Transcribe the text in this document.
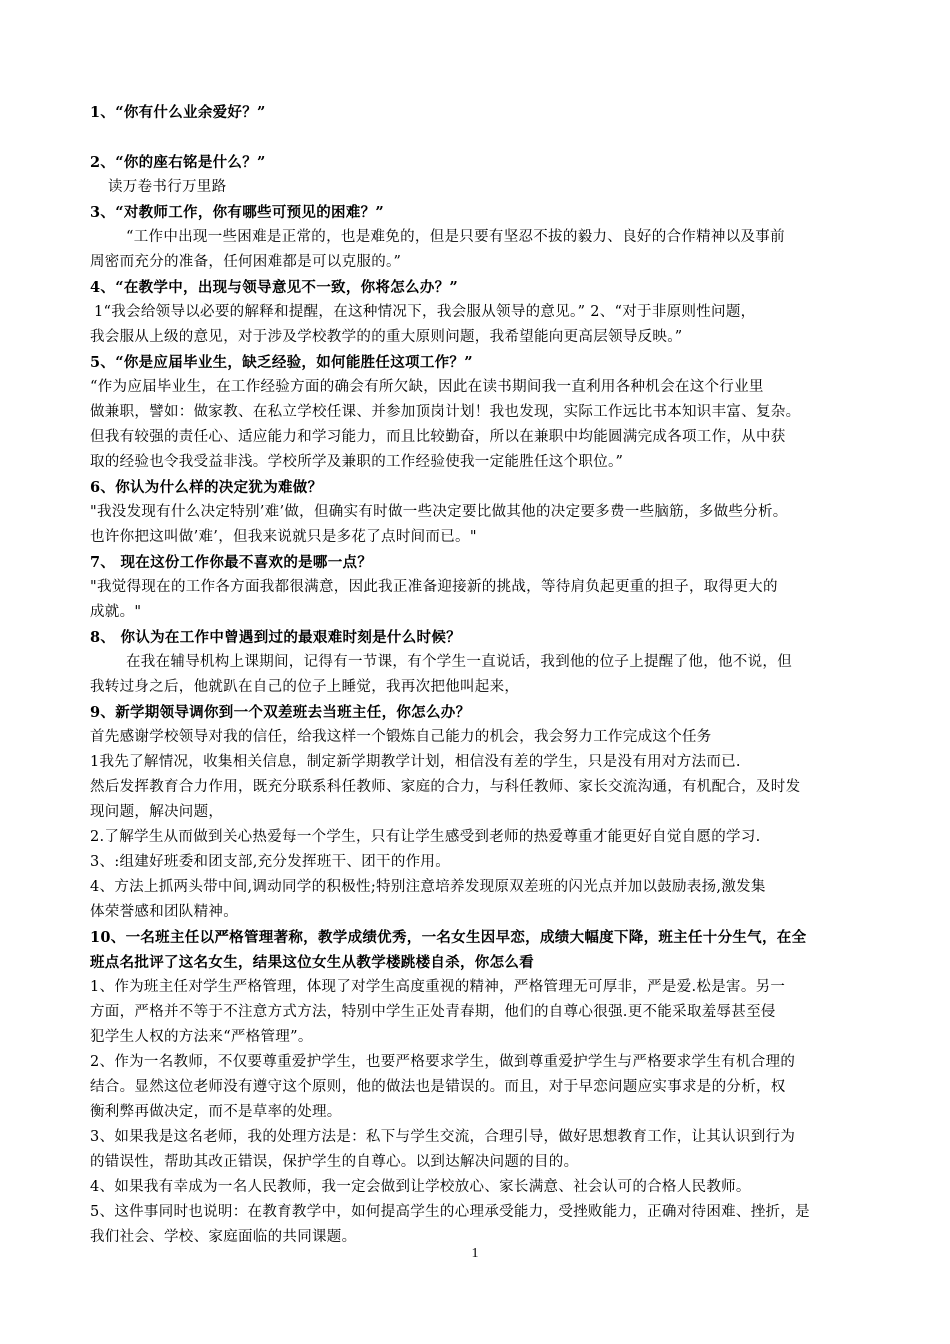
1、“你有什么业余爱好？”
2、“你的座右铭是什么？”
读万卷书行万里路
3、“对教师工作，你有哪些可预见的困难？”
“工作中出现一些困难是正常的，也是难免的，但是只要有坚忍不拔的毅力、良好的合作精神以及事前
周密而充分的准备，任何困难都是可以克服的。”
4、“在教学中，出现与领导意见不一致，你将怎么办？”
1“我会给领导以必要的解释和提醒，在这种情况下，我会服从领导的意见。” 2、“对于非原则性问题，
我会服从上级的意见，对于涉及学校教学的的重大原则问题，我希望能向更高层领导反映。”
5、“你是应届毕业生，缺乏经验，如何能胜任这项工作？”
“作为应届毕业生，在工作经验方面的确会有所欠缺，因此在读书期间我一直利用各种机会在这个行业里
做兼职，譬如：做家教、在私立学校任课、并参加顶岗计划！我也发现，实际工作远比书本知识丰富、复杂。
但我有较强的责任心、适应能力和学习能力，而且比较勤奋，所以在兼职中均能圆满完成各项工作，从中获
取的经验也令我受益非浅。学校所学及兼职的工作经验使我一定能胜任这个职位。”
6、你认为什么样的决定犹为难做？
"我没发现有什么决定特别’难’做，但确实有时做一些决定要比做其他的决定要多费一些脑筋，多做些分析。
也许你把这叫做’难’，但我来说就只是多花了点时间而已。"
7、 现在这份工作你最不喜欢的是哪一点？
"我觉得现在的工作各方面我都很满意，因此我正准备迎接新的挑战，等待肩负起更重的担子，取得更大的
成就。"
8、 你认为在工作中曾遇到过的最艰难时刻是什么时候？
在我在辅导机构上课期间，记得有一节课，有个学生一直说话，我到他的位子上提醒了他，他不说，但
我转过身之后，他就趴在自己的位子上睡觉，我再次把他叫起来，
9、新学期领导调你到一个双差班去当班主任，你怎么办？
首先感谢学校领导对我的信任，给我这样一个锻炼自己能力的机会，我会努力工作完成这个任务
1我先了解情况，收集相关信息，制定新学期教学计划，相信没有差的学生，只是没有用对方法而已.
然后发挥教育合力作用，既充分联系科任教师、家庭的合力，与科任教师、家长交流沟通，有机配合，及时发
现问题，解决问题，
2.了解学生从而做到关心热爱每一个学生，只有让学生感受到老师的热爱尊重才能更好自觉自愿的学习.
3、:组建好班委和团支部,充分发挥班干、团干的作用。
4、方法上抓两头带中间,调动同学的积极性;特别注意培养发现原双差班的闪光点并加以鼓励表扬,激发集
体荣誉感和团队精神。
10、一名班主任以严格管理著称，教学成绩优秀，一名女生因早恋，成绩大幅度下降，班主任十分生气，在全
班点名批评了这名女生，结果这位女生从教学楼跳楼自杀，你怎么看
1、作为班主任对学生严格管理，体现了对学生高度重视的精神，严格管理无可厚非，严是爱.松是害。另一
方面，严格并不等于不注意方式方法，特别中学生正处青春期，他们的自尊心很强.更不能采取羞辱甚至侵
犯学生人权的方法来“严格管理”。
2、作为一名教师，不仅要尊重爱护学生，也要严格要求学生，做到尊重爱护学生与严格要求学生有机合理的
结合。显然这位老师没有遵守这个原则，他的做法也是错误的。而且，对于早恋问题应实事求是的分析，权
衡利弊再做决定，而不是草率的处理。
3、如果我是这名老师，我的处理方法是：私下与学生交流，合理引导，做好思想教育工作，让其认识到行为
的错误性，帮助其改正错误，保护学生的自尊心。以到达解决问题的目的。
4、如果我有幸成为一名人民教师，我一定会做到让学校放心、家长满意、社会认可的合格人民教师。
5、这件事同时也说明：在教育教学中，如何提高学生的心理承受能力，受挫败能力，正确对待困难、挫折，是
我们社会、学校、家庭面临的共同课题。
1
